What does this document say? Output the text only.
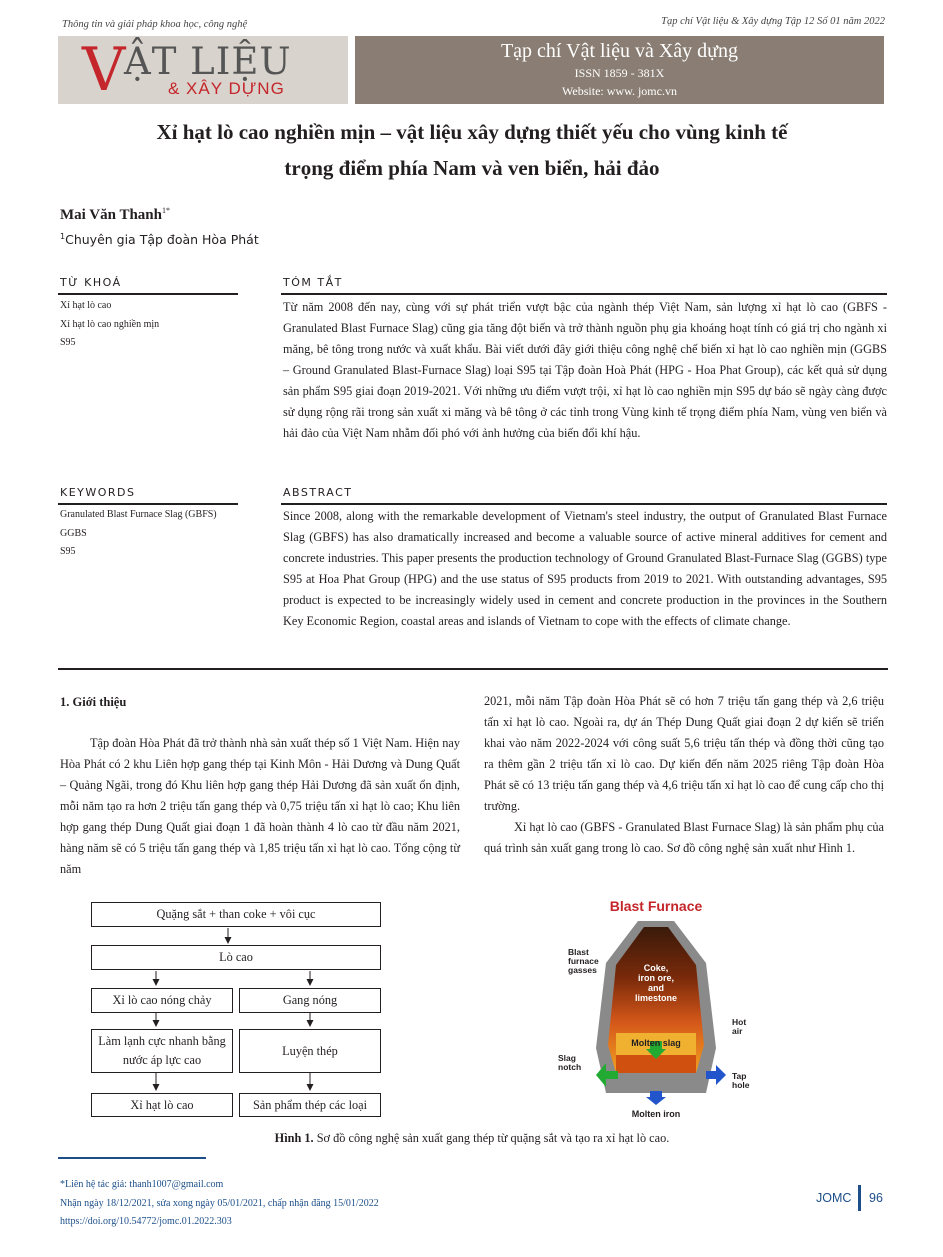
Thông tin và giải pháp khoa học, công nghệ	Tạp chí Vật liệu & Xây dựng Tập 12 Số 01 năm 2022
V
ẬT LIỆU
& XÂY DỰNG
Tạp chí Vật liệu và Xây dựng
ISSN 1859 - 381X
Website: www. jomc.vn
Xỉ hạt lò cao nghiền mịn – vật liệu xây dựng thiết yếu cho vùng kinh tế
trọng điểm phía Nam và ven biển, hải đảo
Mai Văn Thanh$^{1*}$
$^1$Chuyên gia Tập đoàn Hòa Phát
TỪ KHOÁ
Xỉ hạt lò cao
Xỉ hạt lò cao nghiền mịn
S95
TÓM TẮT
Từ năm 2008 đến nay, cùng với sự phát triển vượt bậc của ngành thép Việt Nam, sản lượng xỉ hạt lò cao (GBFS - Granulated Blast Furnace Slag) cũng gia tăng đột biến và trở thành nguồn phụ gia khoáng hoạt tính có giá trị cho ngành xi măng, bê tông trong nước và xuất khẩu. Bài viết dưới đây giới thiệu công nghệ chế biến xỉ hạt lò cao nghiền mịn (GGBS – Ground Granulated Blast-Furnace Slag) loại S95 tại Tập đoàn Hoà Phát (HPG - Hoa Phat Group), các kết quả sử dụng sản phẩm S95 giai đoạn 2019-2021. Với những ưu điểm vượt trội, xỉ hạt lò cao nghiền mịn S95 dự báo sẽ ngày càng được sử dụng rộng rãi trong sản xuất xi măng và bê tông ở các tỉnh trong Vùng kinh tế trọng điểm phía Nam, vùng ven biển và hải đảo của Việt Nam nhằm đối phó với ảnh hưởng của biến đổi khí hậu.
KEYWORDS
Granulated Blast Furnace Slag (GBFS)
GGBS
S95
ABSTRACT
Since 2008, along with the remarkable development of Vietnam's steel industry, the output of Granulated Blast Furnace Slag (GBFS) has also dramatically increased and become a valuable source of active mineral additives for cement and concrete industries. This paper presents the production technology of Ground Granulated Blast-Furnace Slag (GGBS) type S95 at Hoa Phat Group (HPG) and the use status of S95 products from 2019 to 2021. With outstanding advantages, S95 product is expected to be increasingly widely used in cement and concrete production in the provinces in the Southern Key Economic Region, coastal areas and islands of Vietnam to cope with the effects of climate change.
1. Giới thiệu
Tập đoàn Hòa Phát đã trở thành nhà sản xuất thép số 1 Việt Nam. Hiện nay Hòa Phát có 2 khu Liên hợp gang thép tại Kinh Môn - Hải Dương và Dung Quất – Quảng Ngãi, trong đó Khu liên hợp gang thép Hải Dương đã sản xuất ổn định, mỗi năm tạo ra hơn 2 triệu tấn gang thép và 0,75 triệu tấn xỉ hạt lò cao; Khu liên hợp gang thép Dung Quất giai đoạn 1 đã hoàn thành 4 lò cao từ đầu năm 2021, hàng năm sẽ có 5 triệu tấn gang thép và 1,85 triệu tấn xỉ hạt lò cao. Tổng cộng từ năm
2021, mỗi năm Tập đoàn Hòa Phát sẽ có hơn 7 triệu tấn gang thép và 2,6 triệu tấn xỉ hạt lò cao. Ngoài ra, dự án Thép Dung Quất giai đoạn 2 dự kiến sẽ triển khai vào năm 2022-2024 với công suất 5,6 triệu tấn thép và đồng thời cũng tạo ra thêm gần 2 triệu tấn xỉ lò cao. Dự kiến đến năm 2025 riêng Tập đoàn Hòa Phát sẽ có 13 triệu tấn gang thép và 4,6 triệu tấn xỉ hạt lò cao để cung cấp cho thị trường.
Xỉ hạt lò cao (GBFS - Granulated Blast Furnace Slag) là sản phẩm phụ của quá trình sản xuất gang trong lò cao. Sơ đồ công nghệ sản xuất như Hình 1.
Quặng sắt + than coke + vôi cục
Lò cao
Xỉ lò cao nóng chảy	Gang nóng
Làm lạnh cực nhanh bằng nước áp lực cao
Luyện thép
Xỉ hạt lò cao	Sản phẩm thép các loại
Blast Furnace
Coke, iron ore, and limestone
Molten slag
Blast furnace gasses
Hot air
Slag notch
Tap hole
Molten iron
Hình 1. Sơ đồ công nghệ sản xuất gang thép từ quặng sắt và tạo ra xỉ hạt lò cao.
*Liên hệ tác giả: thanh1007@gmail.com
Nhận ngày 18/12/2021, sửa xong ngày 05/01/2021, chấp nhận đăng 15/01/2022
https://doi.org/10.54772/jomc.01.2022.303
JOMC 96
